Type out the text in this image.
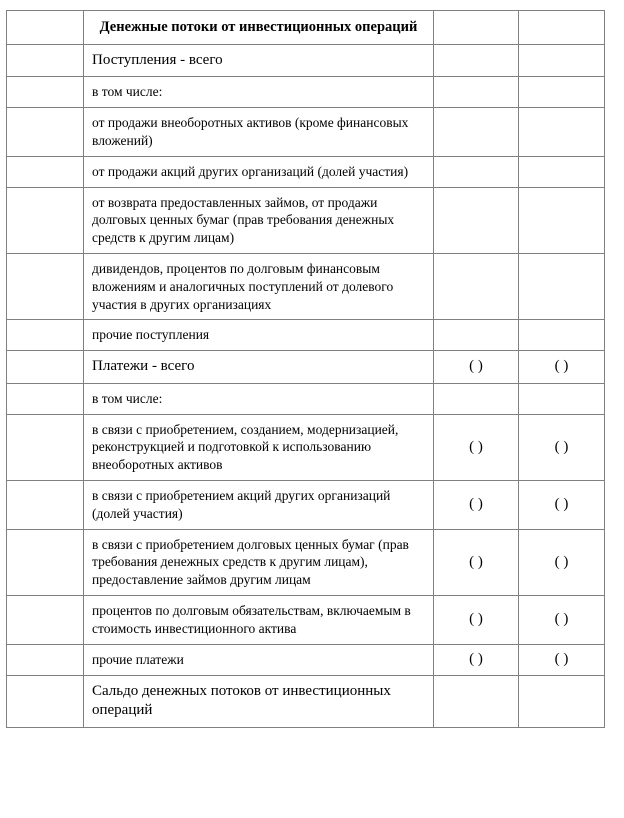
	Денежные потоки от инвестиционных операций		

	Поступления - всего		

	в том числе:		

	от продажи внеоборотных активов (кроме финансовых вложений)		

	от продажи акций других организаций (долей участия)		

	от возврата предоставленных займов, от продажи долговых ценных бумаг (прав требования денежных средств к другим лицам)		

	дивидендов, процентов по долговым финансовым вложениям и аналогичных поступлений от долевого участия в других организациях		

	прочие поступления		

	Платежи - всего	( )	( )

	в том числе:		

	в связи с приобретением, созданием, модернизацией, реконструкцией и подготовкой к использованию внеоборотных активов	( )	( )

	в связи с приобретением акций других организаций (долей участия)	( )	( )

	в связи с приобретением долговых ценных бумаг (прав требования денежных средств к другим лицам), предоставление займов другим лицам	( )	( )

	процентов по долговым обязательствам, включаемым в стоимость инвестиционного актива	( )	( )

	прочие платежи	( )	( )

	Сальдо денежных потоков от инвестиционных операций		
